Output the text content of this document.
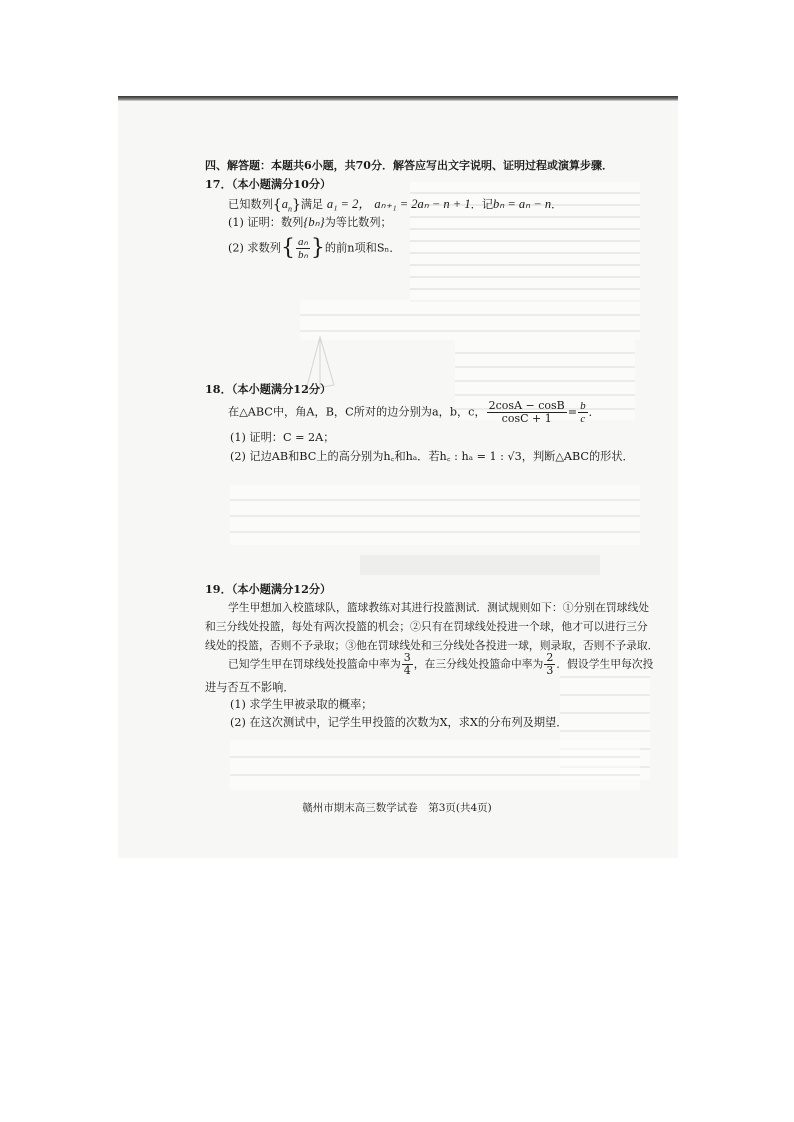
四、解答题：本题共6小题，共70分．解答应写出文字说明、证明过程或演算步骤．
17．（本小题满分10分）
已知数列$\{a_n\}$满足 a₁ = 2， aₙ₊₁ = 2aₙ − n + 1．记bₙ = aₙ − n．
(1) 证明：数列{bₙ}为等比数列；
(2) 求数列{ $\frac{\text{aₙ}}{\text{bₙ}}$ }的前n项和Sₙ．
18．（本小题满分12分）
在△ABC中，角A，B，C所对的边分别为a，b，c， $\frac{2\cos A - \cos B}{\cos C + 1} = \frac{b}{c}$ ．
(1) 证明：C = 2A；
(2) 记边AB和BC上的高分别为h꜀和hₐ．若h꜀ : hₐ = 1 : √3，判断△ABC的形状．
19．（本小题满分12分）
学生甲想加入校篮球队，篮球教练对其进行投篮测试．测试规则如下：①分别在罚球线处
和三分线处投篮，每处有两次投篮的机会；②只有在罚球线处投进一个球，他才可以进行三分
线处的投篮，否则不予录取；③他在罚球线处和三分线处各投进一球，则录取，否则不予录取．
已知学生甲在罚球线处投篮命中率为 $\frac{3}{4}$ ，在三分线处投篮命中率为 $\frac{2}{3}$ ．假设学生甲每次投
进与否互不影响．
(1) 求学生甲被录取的概率；
(2) 在这次测试中，记学生甲投篮的次数为X，求X的分布列及期望．
赣州市期末高三数学试卷　第3页(共4页)
